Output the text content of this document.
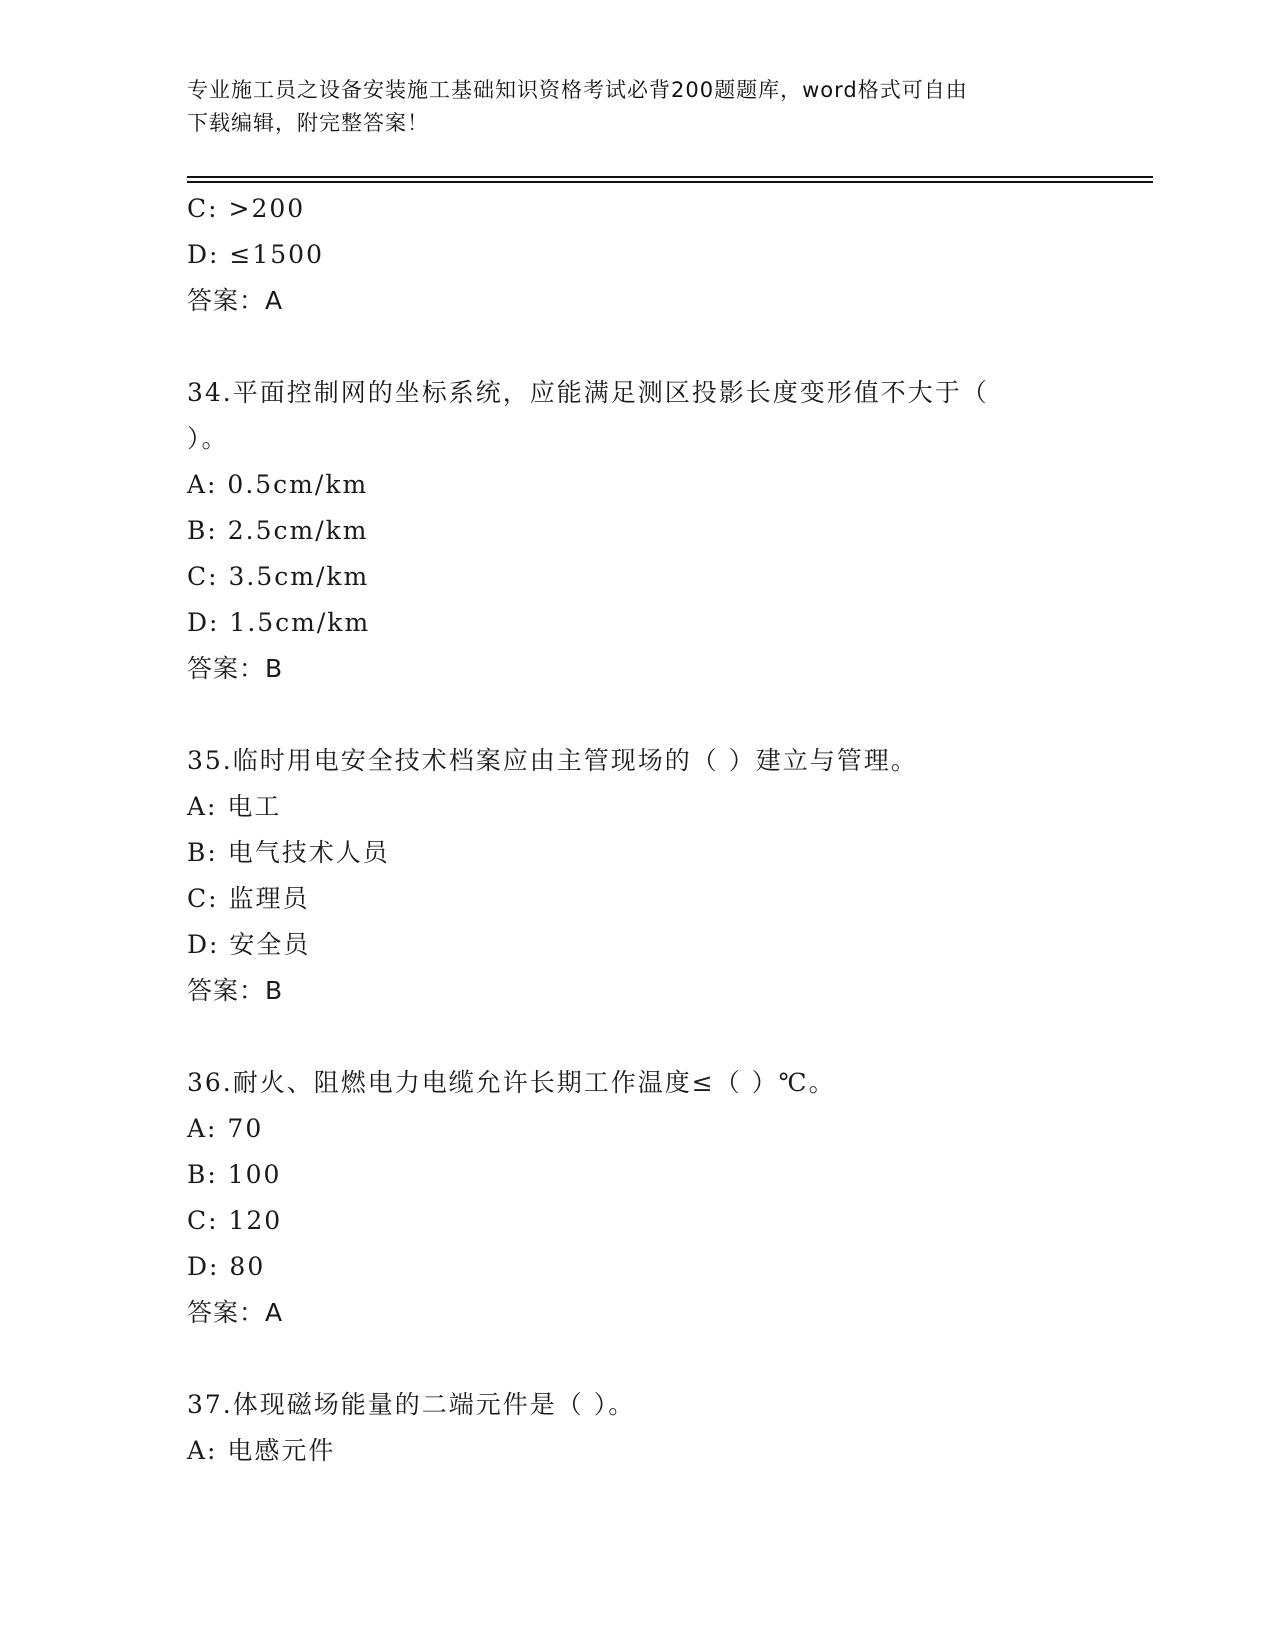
专业施工员之设备安装施工基础知识资格考试必背200题题库，word格式可自由
下载编辑，附完整答案！
C: >200
D: ≤1500
答案：A
34.平面控制网的坐标系统，应能满足测区投影长度变形值不大于（
）。
A: 0.5cm/km
B: 2.5cm/km
C: 3.5cm/km
D: 1.5cm/km
答案：B
35.临时用电安全技术档案应由主管现场的（ ）建立与管理。
A: 电工
B: 电气技术人员
C: 监理员
D: 安全员
答案：B
36.耐火、阻燃电力电缆允许长期工作温度≤（ ）℃。
A: 70
B: 100
C: 120
D: 80
答案：A
37.体现磁场能量的二端元件是（ ）。
A: 电感元件
